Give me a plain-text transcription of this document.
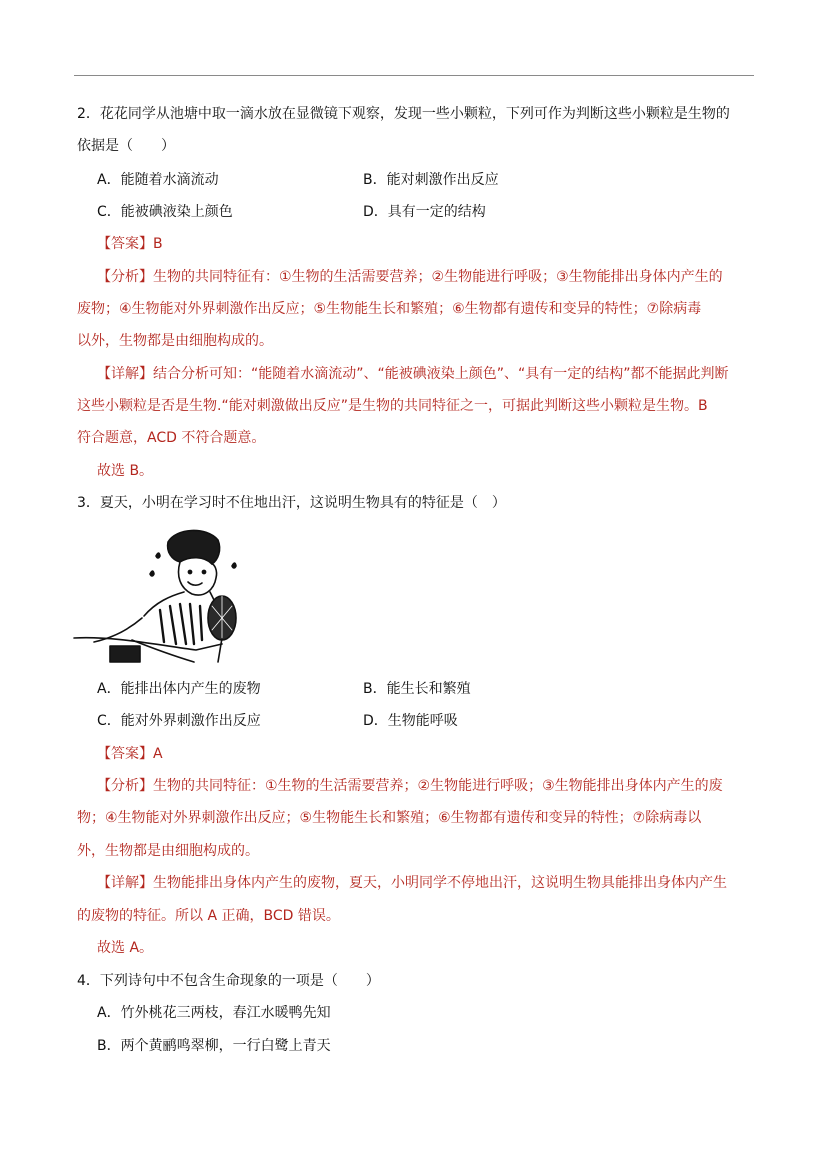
2．花花同学从池塘中取一滴水放在显微镜下观察，发现一些小颗粒，下列可作为判断这些小颗粒是生物的
依据是（　　）
A．能随着水滴流动	B．能对刺激作出反应
C．能被碘液染上颜色	D．具有一定的结构
【答案】B
【分析】生物的共同特征有：①生物的生活需要营养；②生物能进行呼吸；③生物能排出身体内产生的
废物；④生物能对外界刺激作出反应；⑤生物能生长和繁殖；⑥生物都有遗传和变异的特性；⑦除病毒
以外，生物都是由细胞构成的。
【详解】结合分析可知：“能随着水滴流动”、“能被碘液染上颜色”、“具有一定的结构”都不能据此判断
这些小颗粒是否是生物.“能对刺激做出反应”是生物的共同特征之一，可据此判断这些小颗粒是生物。B
符合题意，ACD 不符合题意。
故选 B。
3．夏天，小明在学习时不住地出汗，这说明生物具有的特征是（　）
A．能排出体内产生的废物	B．能生长和繁殖
C．能对外界刺激作出反应	D．生物能呼吸
【答案】A
【分析】生物的共同特征：①生物的生活需要营养；②生物能进行呼吸；③生物能排出身体内产生的废
物；④生物能对外界刺激作出反应；⑤生物能生长和繁殖；⑥生物都有遗传和变异的特性；⑦除病毒以
外，生物都是由细胞构成的。
【详解】生物能排出身体内产生的废物，夏天，小明同学不停地出汗，这说明生物具能排出身体内产生
的废物的特征。所以 A 正确，BCD 错误。
故选 A。
4．下列诗句中不包含生命现象的一项是（　　）
A．竹外桃花三两枝，春江水暖鸭先知
B．两个黄鹂鸣翠柳，一行白鹭上青天
